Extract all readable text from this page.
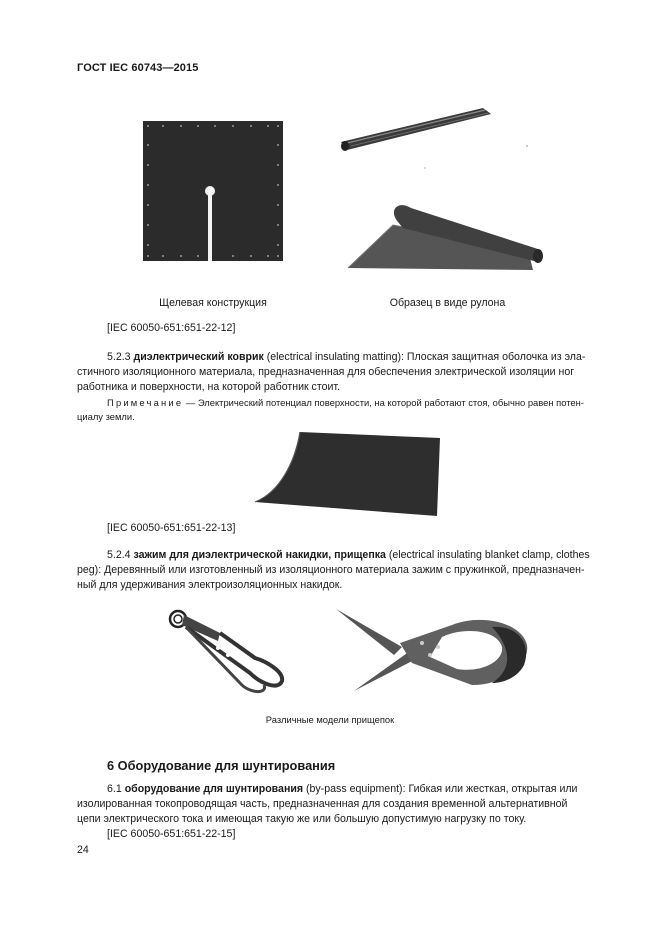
ГОСТ IEC 60743—2015
Щелевая конструкция	Образец в виде рулона
[IEC 60050-651:651-22-12]
5.2.3 диэлектрический коврик (electrical insulating matting): Плоская защитная оболочка из эла-
стичного изоляционного материала, предназначенная для обеспечения электрической изоляции ног
работника и поверхности, на которой работник стоит.
Примечание — Электрический потенциал поверхности, на которой работают стоя, обычно равен потен-
циалу земли.
[IEC 60050-651:651-22-13]
5.2.4 зажим для диэлектрической накидки, прищепка (electrical insulating blanket clamp, clothes
peg): Деревянный или изготовленный из изоляционного материала зажим с пружинкой, предназначен-
ный для удерживания электроизоляционных накидок.
Различные модели прищепок
6 Оборудование для шунтирования
6.1 оборудование для шунтирования (by-pass equipment): Гибкая или жесткая, открытая или
изолированная токопроводящая часть, предназначенная для создания временной альтернативной
цепи электрического тока и имеющая такую же или большую допустимую нагрузку по току.
[IEC 60050-651:651-22-15]
24
